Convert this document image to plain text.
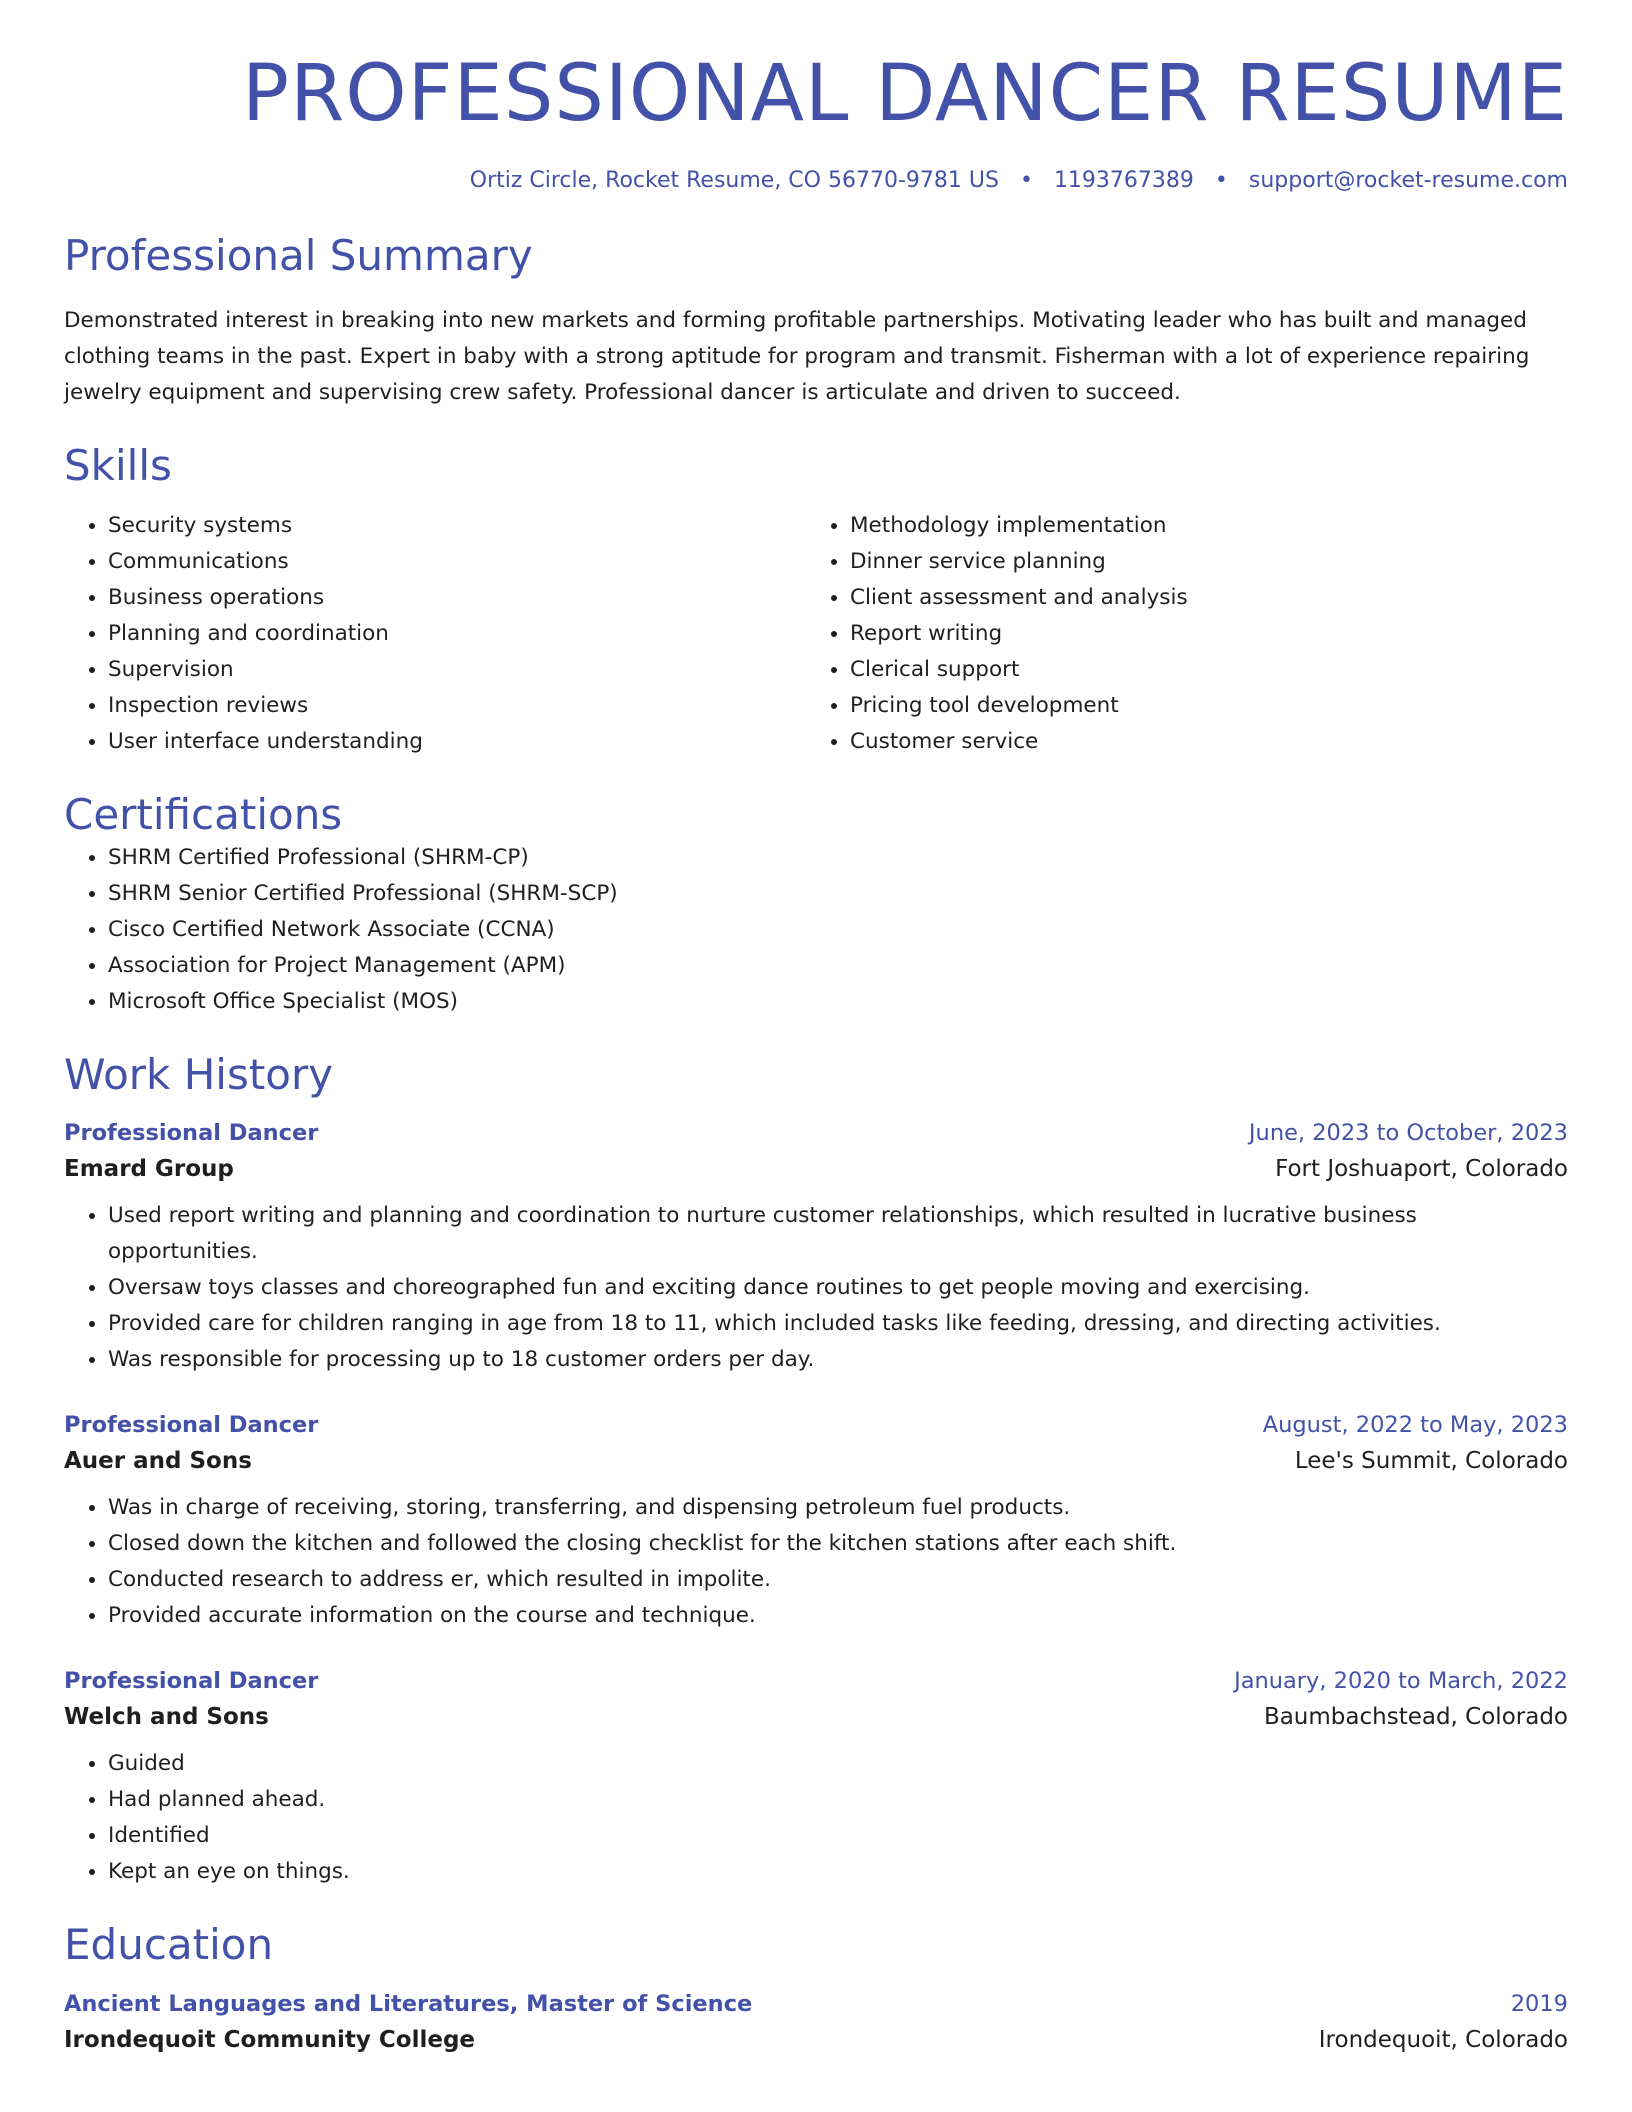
PROFESSIONAL DANCER RESUME
Ortiz Circle, Rocket Resume, CO 56770-9781 US • 1193767389 • support@rocket-resume.com
Professional Summary

Demonstrated interest in breaking into new markets and forming profitable partnerships. Motivating leader who has built and managed clothing teams in the past. Expert in baby with a strong aptitude for program and transmit. Fisherman with a lot of experience repairing jewelry equipment and supervising crew safety. Professional dancer is articulate and driven to succeed.

Skills
• Security systems
• Communications
• Business operations
• Planning and coordination
• Supervision
• Inspection reviews
• User interface understanding
• Methodology implementation
• Dinner service planning
• Client assessment and analysis
• Report writing
• Clerical support
• Pricing tool development
• Customer service
Certifications
• SHRM Certified Professional (SHRM-CP)
• SHRM Senior Certified Professional (SHRM-SCP)
• Cisco Certified Network Associate (CCNA)
• Association for Project Management (APM)
• Microsoft Office Specialist (MOS)
Work History
Professional Dancer	June, 2023 to October, 2023
Emard Group	Fort Joshuaport, Colorado
• Used report writing and planning and coordination to nurture customer relationships, which resulted in lucrative business opportunities.
• Oversaw toys classes and choreographed fun and exciting dance routines to get people moving and exercising.
• Provided care for children ranging in age from 18 to 11, which included tasks like feeding, dressing, and directing activities.
• Was responsible for processing up to 18 customer orders per day.
Professional Dancer	August, 2022 to May, 2023
Auer and Sons	Lee's Summit, Colorado
• Was in charge of receiving, storing, transferring, and dispensing petroleum fuel products.
• Closed down the kitchen and followed the closing checklist for the kitchen stations after each shift.
• Conducted research to address er, which resulted in impolite.
• Provided accurate information on the course and technique.
Professional Dancer	January, 2020 to March, 2022
Welch and Sons	Baumbachstead, Colorado
• Guided
• Had planned ahead.
• Identified
• Kept an eye on things.
Education
Ancient Languages and Literatures, Master of Science	2019
Irondequoit Community College	Irondequoit, Colorado
